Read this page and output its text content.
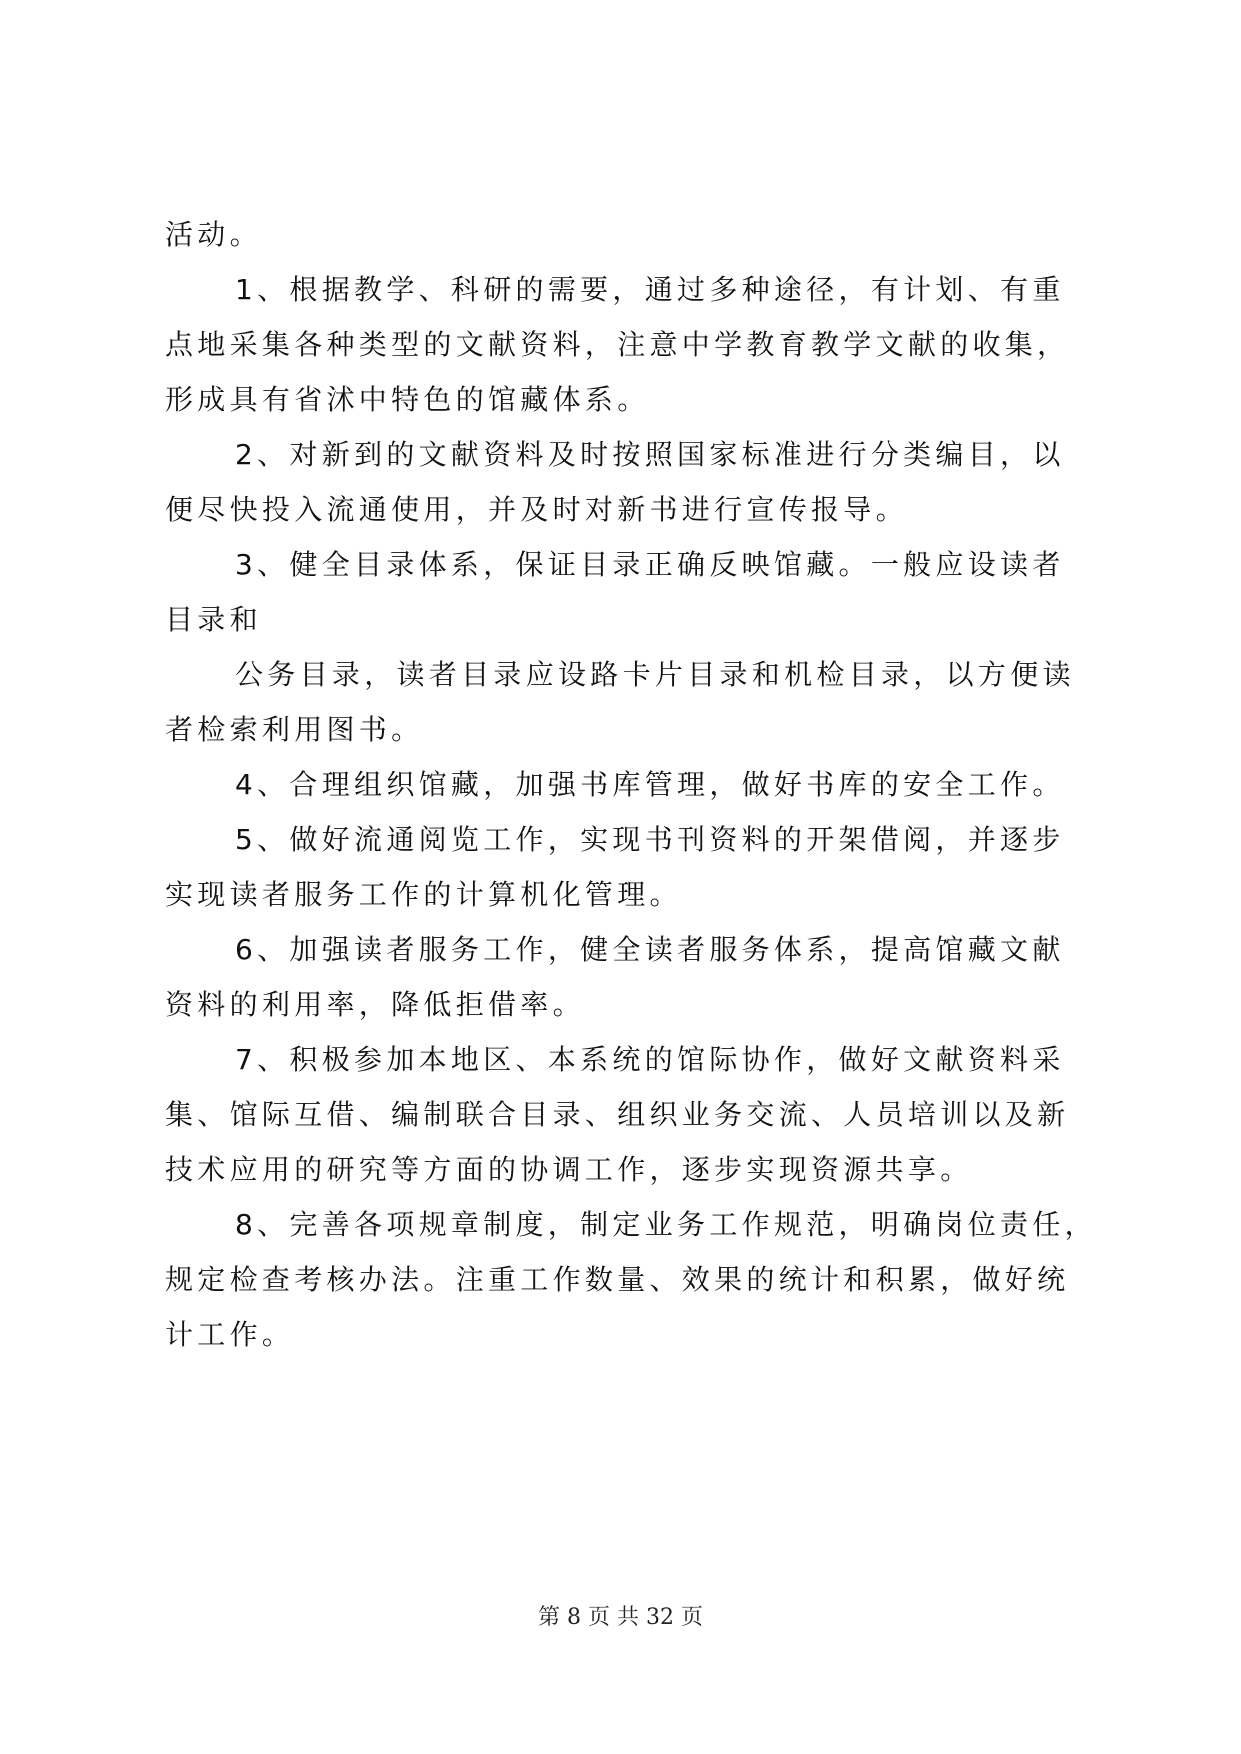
活动。
1、根据教学、科研的需要，通过多种途径，有计划、有重
点地采集各种类型的文献资料，注意中学教育教学文献的收集，
形成具有省沭中特色的馆藏体系。
2、对新到的文献资料及时按照国家标准进行分类编目，以
便尽快投入流通使用，并及时对新书进行宣传报导。
3、健全目录体系，保证目录正确反映馆藏。一般应设读者
目录和
公务目录，读者目录应设路卡片目录和机检目录，以方便读
者检索利用图书。
4、合理组织馆藏，加强书库管理，做好书库的安全工作。
5、做好流通阅览工作，实现书刊资料的开架借阅，并逐步
实现读者服务工作的计算机化管理。
6、加强读者服务工作，健全读者服务体系，提高馆藏文献
资料的利用率，降低拒借率。
7、积极参加本地区、本系统的馆际协作，做好文献资料采
集、馆际互借、编制联合目录、组织业务交流、人员培训以及新
技术应用的研究等方面的协调工作，逐步实现资源共享。
8、完善各项规章制度，制定业务工作规范，明确岗位责任，
规定检查考核办法。注重工作数量、效果的统计和积累，做好统
计工作。
第 8 页 共 32 页
